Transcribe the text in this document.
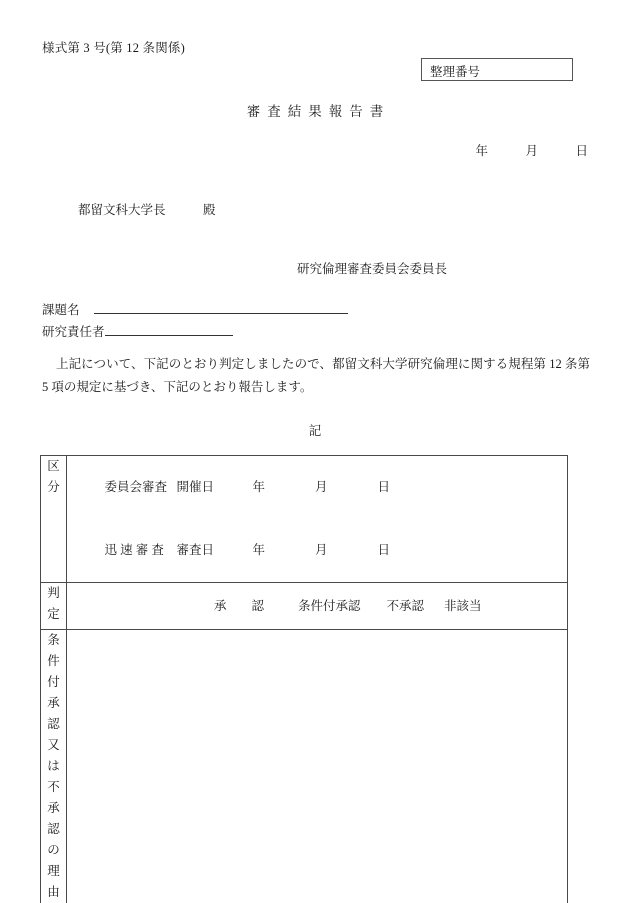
様式第 3 号(第 12 条関係)
整理番号
審査結果報告書
年　　　月　　　日
都留文科大学長　　　殿
研究倫理審査委員会委員長
課題名
研究責任者
上記について、下記のとおり判定しましたので、都留文科大学研究倫理に関する規程第 12 条第 5 項の規定に基づき、下記のとおり報告します。
記
区
分	委員会審査 開催日	年　　　　月　　　　日

迅 速 審 査 審査日	年　　　　月　　　　日

判
定	承　　認 条件付承認 不承認 非該当

条
件
付
承
認
又
は
不
承
認
の
理
由
